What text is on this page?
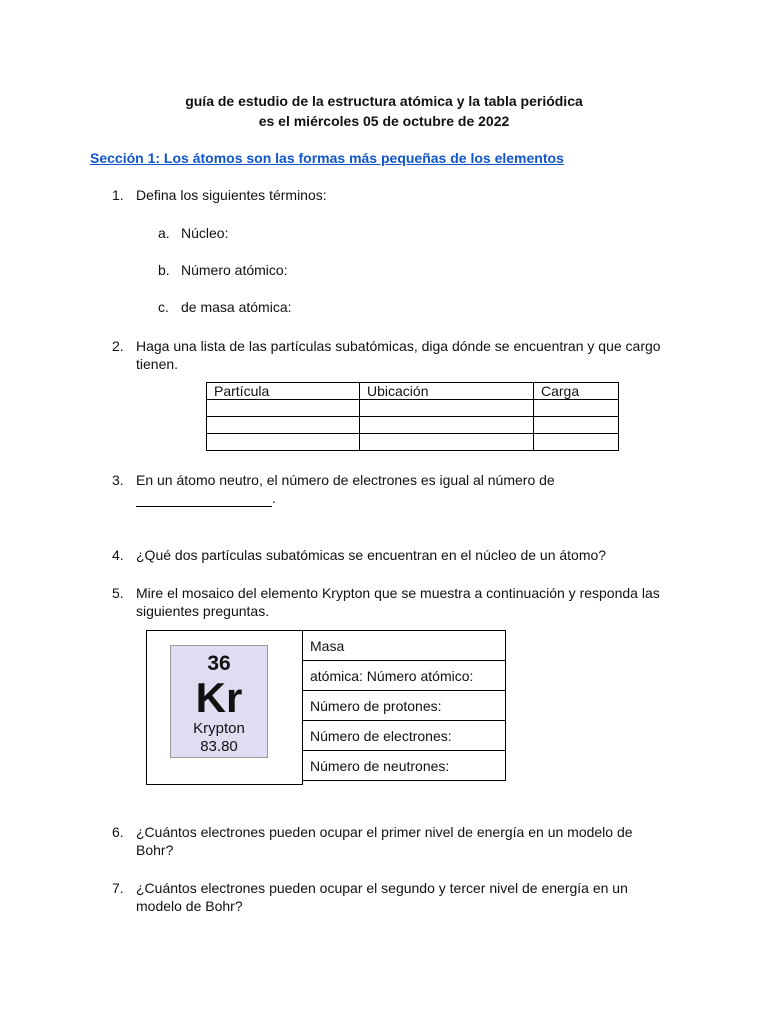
guía de estudio de la estructura atómica y la tabla periódica
es el miércoles 05 de octubre de 2022
Sección 1: Los átomos son las formas más pequeñas de los elementos
1. Defina los siguientes términos:
a. Núcleo:
b. Número atómico:
c. de masa atómica:
2. Haga una lista de las partículas subatómicas, diga dónde se encuentran y que cargo tienen.
Partícula	Ubicación	Carga

3. En un átomo neutro, el número de electrones es igual al número de
.
4. ¿Qué dos partículas subatómicas se encuentran en el núcleo de un átomo?
5. Mire el mosaico del elemento Krypton que se muestra a continuación y responda las siguientes preguntas.
36
Kr
Krypton
83.80
Masa
atómica: Número atómico:
Número de protones:
Número de electrones:
Número de neutrones:
6. ¿Cuántos electrones pueden ocupar el primer nivel de energía en un modelo de Bohr?
7. ¿Cuántos electrones pueden ocupar el segundo y tercer nivel de energía en un modelo de Bohr?
